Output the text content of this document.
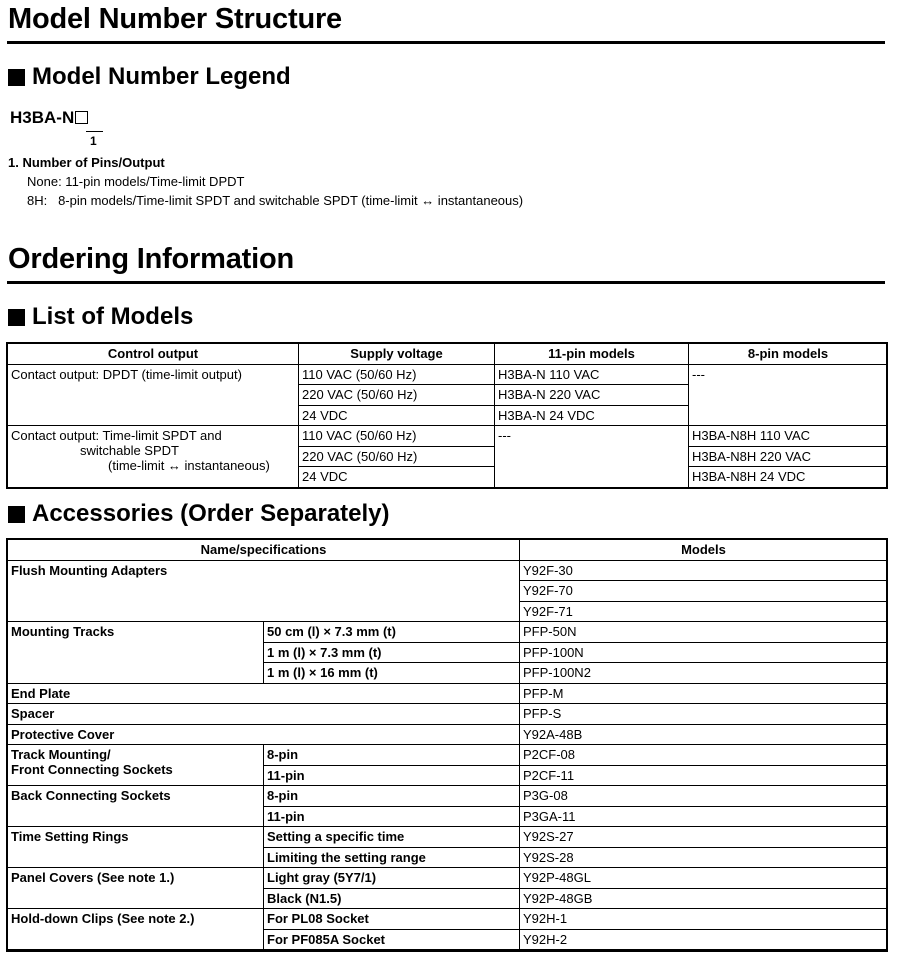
Model Number Structure
Model Number Legend
H3BA-N
1
1. Number of Pins/Output
None: 11-pin models/Time-limit DPDT
8H:   8-pin models/Time-limit SPDT and switchable SPDT (time-limit ↔ instantaneous)
Ordering Information
List of Models
Control output	Supply voltage	11-pin models	8-pin models
Contact output: DPDT (time-limit output)	110 VAC (50/60 Hz)	H3BA-N 110 VAC	---
	220 VAC (50/60 Hz)	H3BA-N 220 VAC	
	24 VDC	H3BA-N 24 VDC	

Contact output: Time-limit SPDT and
switchable SPDT
(time-limit ↔ instantaneous)	110 VAC (50/60 Hz)	---	H3BA-N8H 110 VAC
	220 VAC (50/60 Hz)		H3BA-N8H 220 VAC
	24 VDC		H3BA-N8H 24 VDC
Accessories (Order Separately)
Name/specifications		Models
Flush Mounting Adapters		Y92F-30
		Y92F-70
		Y92F-71
Mounting Tracks	50 cm (l) × 7.3 mm (t)	PFP-50N
	1 m (l) × 7.3 mm (t)	PFP-100N
	1 m (l) × 16 mm (t)	PFP-100N2
End Plate		PFP-M
Spacer		PFP-S
Protective Cover		Y92A-48B

Track Mounting/
Front Connecting Sockets	8-pin	P2CF-08
	11-pin	P2CF-11
Back Connecting Sockets	8-pin	P3G-08
	11-pin	P3GA-11
Time Setting Rings	Setting a specific time	Y92S-27
	Limiting the setting range	Y92S-28
Panel Covers (See note 1.)	Light gray (5Y7/1)	Y92P-48GL
	Black (N1.5)	Y92P-48GB
Hold-down Clips (See note 2.)	For PL08 Socket	Y92H-1
	For PF085A Socket	Y92H-2
